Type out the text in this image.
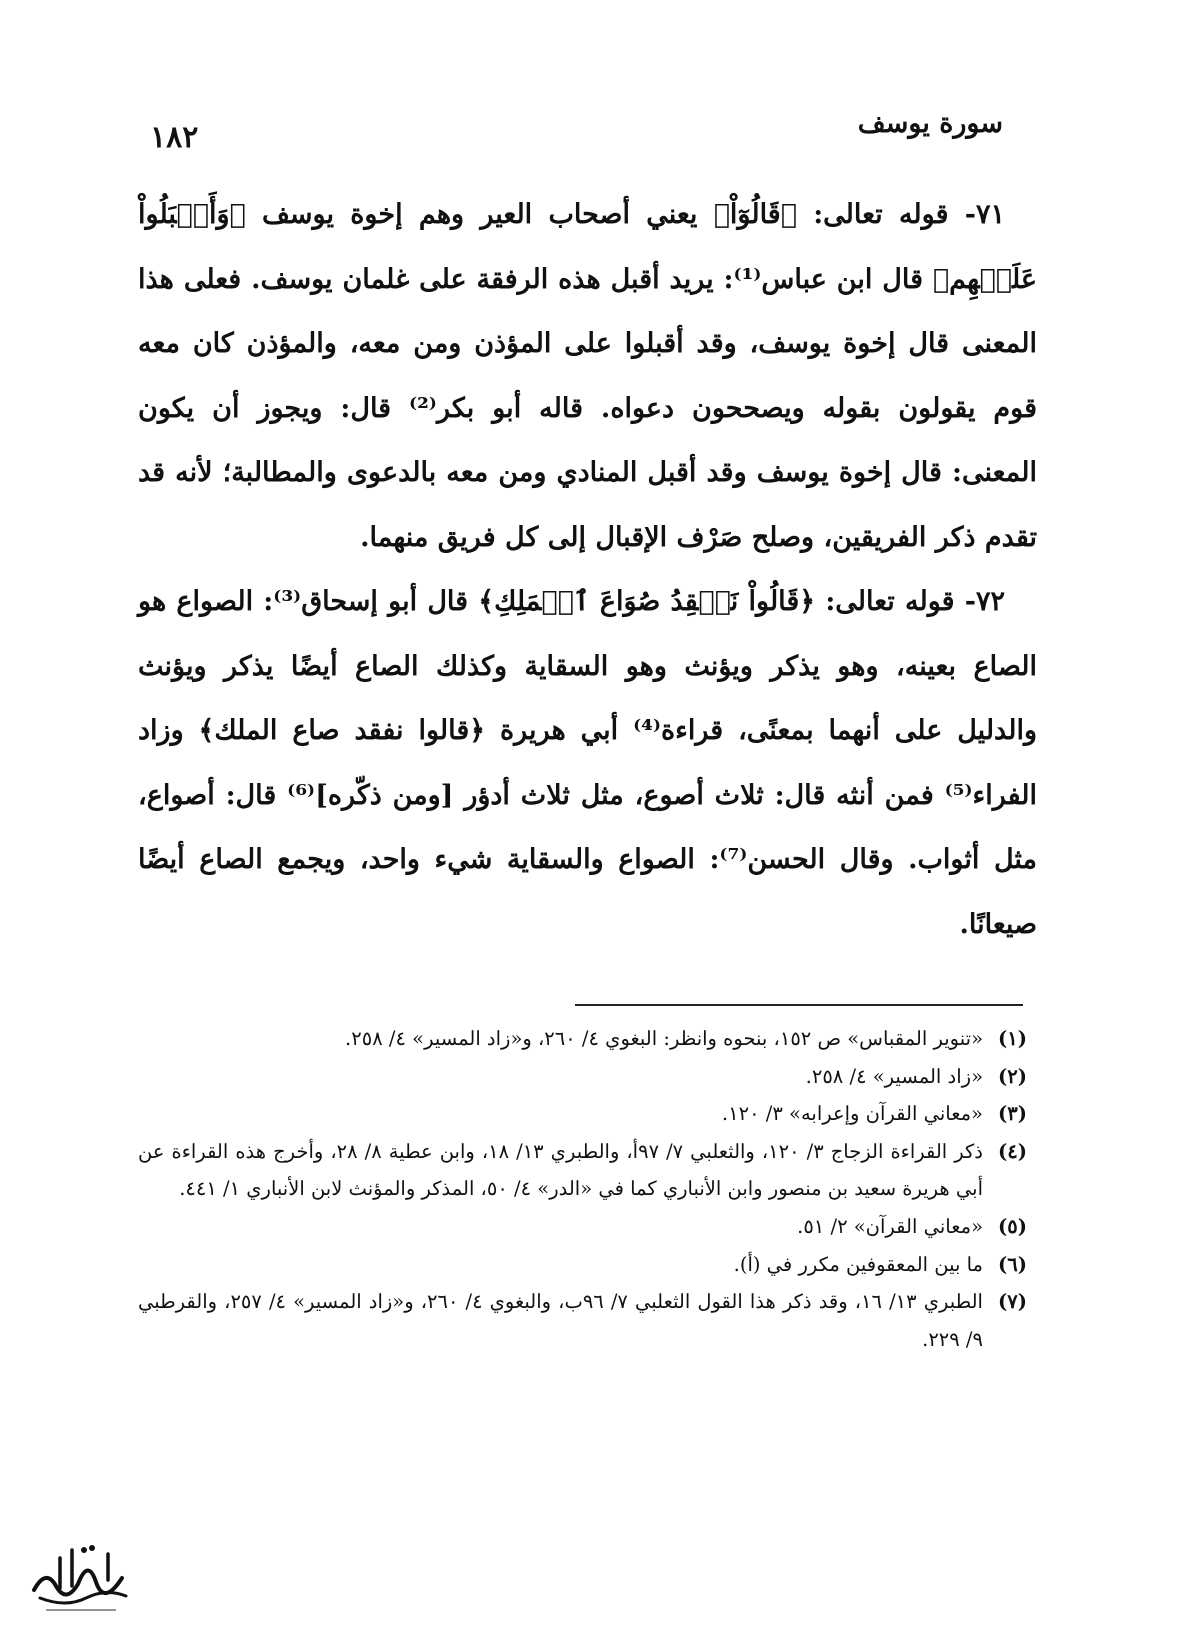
١٨٢	سورة يوسف

٧١- قوله تعالى: ﴿قَالُوٓاْ﴾ يعني أصحاب العير وهم إخوة يوسف ﴿وَأَقۡبَلُواْ عَلَيۡهِم﴾ قال ابن عباس⁽¹⁾: يريد أقبل هذه الرفقة على غلمان يوسف. فعلى هذا المعنى قال إخوة يوسف، وقد أقبلوا على المؤذن ومن معه، والمؤذن كان معه قوم يقولون بقوله ويصححون دعواه. قاله أبو بكر⁽²⁾ قال: ويجوز أن يكون المعنى: قال إخوة يوسف وقد أقبل المنادي ومن معه بالدعوى والمطالبة؛ لأنه قد تقدم ذكر الفريقين، وصلح صَرْف الإقبال إلى كل فريق منهما.

٧٢- قوله تعالى: ﴿قَالُواْ نَفۡقِدُ صُوَاعَ ٱلۡمَلِكِ﴾ قال أبو إسحاق⁽³⁾: الصواع هو الصاع بعينه، وهو يذكر ويؤنث وهو السقاية وكذلك الصاع أيضًا يذكر ويؤنث والدليل على أنهما بمعنًى، قراءة⁽⁴⁾ أبي هريرة ﴿قالوا نفقد صاع الملك﴾ وزاد الفراء⁽⁵⁾ فمن أنثه قال: ثلاث أصوع، مثل ثلاث أدؤر [ومن ذكّره]⁽⁶⁾ قال: أصواع، مثل أثواب. وقال الحسن⁽⁷⁾: الصواع والسقاية شيء واحد، ويجمع الصاع أيضًا صيعانًا.

(١)
«تنوير المقباس» ص ١٥٢، بنحوه وانظر: البغوي ٤/ ٢٦٠، و«زاد المسير» ٤/ ٢٥٨.
(٢)
«زاد المسير» ٤/ ٢٥٨.
(٣)
«معاني القرآن وإعرابه» ٣/ ١٢٠.
(٤)
ذكر القراءة الزجاج ٣/ ١٢٠، والثعلبي ٧/ ٩٧أ، والطبري ١٣/ ١٨، وابن عطية ٨/ ٢٨، وأخرج هذه القراءة عن أبي هريرة سعيد بن منصور وابن الأنباري كما في «الدر» ٤/ ٥٠، المذكر والمؤنث لابن الأنباري ١/ ٤٤١.
(٥)
«معاني القرآن» ٢/ ٥١.
(٦)
ما بين المعقوفين مكرر في (أ).
(٧)
الطبري ١٣/ ١٦، وقد ذكر هذا القول الثعلبي ٧/ ٩٦ب، والبغوي ٤/ ٢٦٠، و«زاد المسير» ٤/ ٢٥٧، والقرطبي ٩/ ٢٢٩.
